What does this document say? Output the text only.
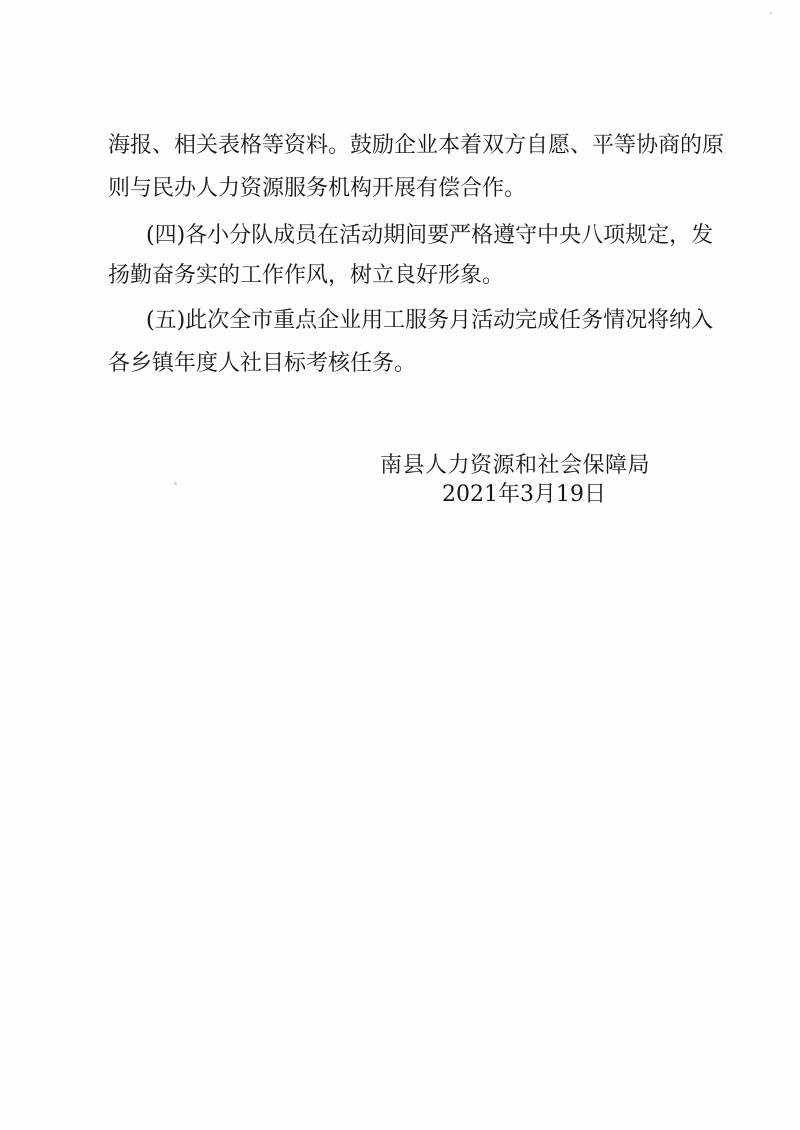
海报、相关表格等资料。鼓励企业本着双方自愿、平等协商的原
则与民办人力资源服务机构开展有偿合作。
(四)各小分队成员在活动期间要严格遵守中央八项规定，发
扬勤奋务实的工作作风，树立良好形象。
(五)此次全市重点企业用工服务月活动完成任务情况将纳入
各乡镇年度人社目标考核任务。
南县人力资源和社会保障局
2021年3月19日
